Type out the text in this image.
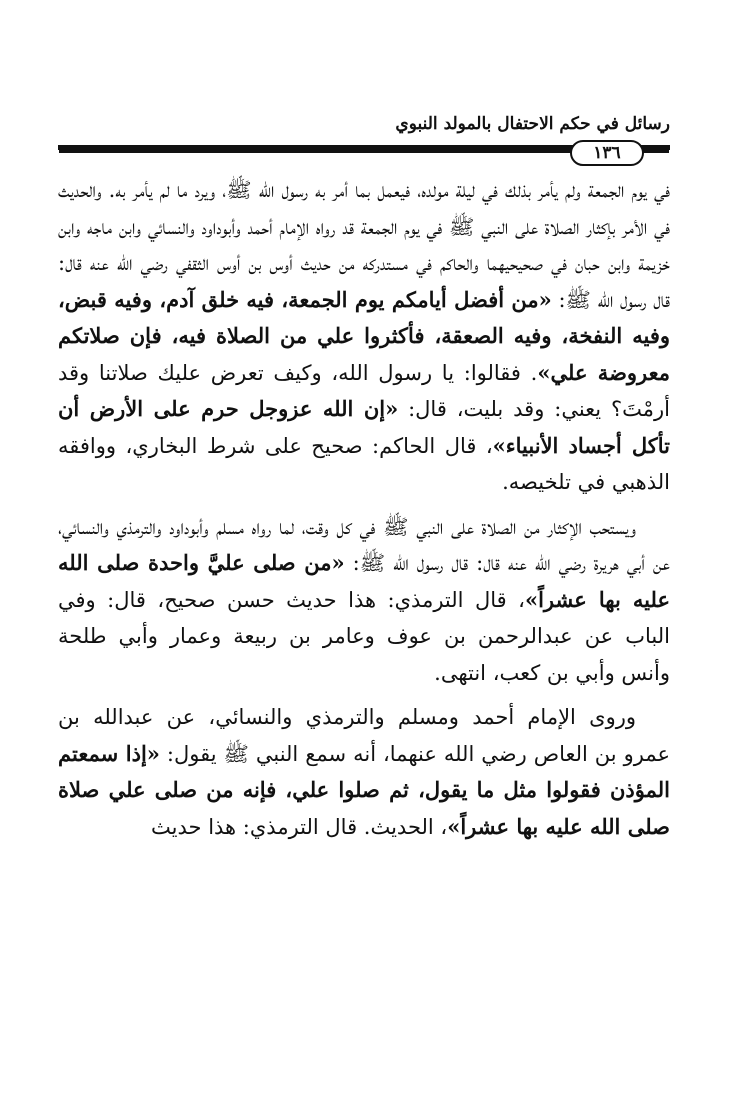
رسائل في حكم الاحتفال بالمولد النبوي
١٣٦

في يوم الجمعة ولم يأمر بذلك في ليلة مولده، فيعمل بما أمر به رسول الله ﷺ، ويرد ما لم يأمر به. والحديث في الأمر بإكثار الصلاة على النبي ﷺ في يوم الجمعة قد رواه الإمام أحمد وأبوداود والنسائي وابن ماجه وابن خزيمة وابن حبان في صحيحيهما والحاكم في مستدركه من حديث أوس بن أوس الثقفي رضي الله عنه قال: قال رسول الله ﷺ: «من أفضل أيامكم يوم الجمعة، فيه خلق آدم، وفيه قبض، وفيه النفخة، وفيه الصعقة، فأكثروا علي من الصلاة فيه، فإن صلاتكم معروضة علي». فقالوا: يا رسول الله، وكيف تعرض عليك صلاتنا وقد أرمْتَ؟ يعني: وقد بليت، قال: «إن الله عزوجل حرم على الأرض أن تأكل أجساد الأنبياء»، قال الحاكم: صحيح على شرط البخاري، ووافقه الذهبي في تلخيصه.

ويستحب الإكثار من الصلاة على النبي ﷺ في كل وقت، لما رواه مسلم وأبوداود والترمذي والنسائي، عن أبي هريرة رضي الله عنه قال: قال رسول الله ﷺ: «من صلى عليَّ واحدة صلى الله عليه بها عشراً»، قال الترمذي: هذا حديث حسن صحيح، قال: وفي الباب عن عبدالرحمن بن عوف وعامر بن ربيعة وعمار وأبي طلحة وأنس وأبي بن كعب، انتهى.

وروى الإمام أحمد ومسلم والترمذي والنسائي، عن عبدالله بن عمرو بن العاص رضي الله عنهما، أنه سمع النبي ﷺ يقول: «إذا سمعتم المؤذن فقولوا مثل ما يقول، ثم صلوا علي، فإنه من صلى علي صلاة صلى الله عليه بها عشراً»، الحديث. قال الترمذي: هذا حديث
